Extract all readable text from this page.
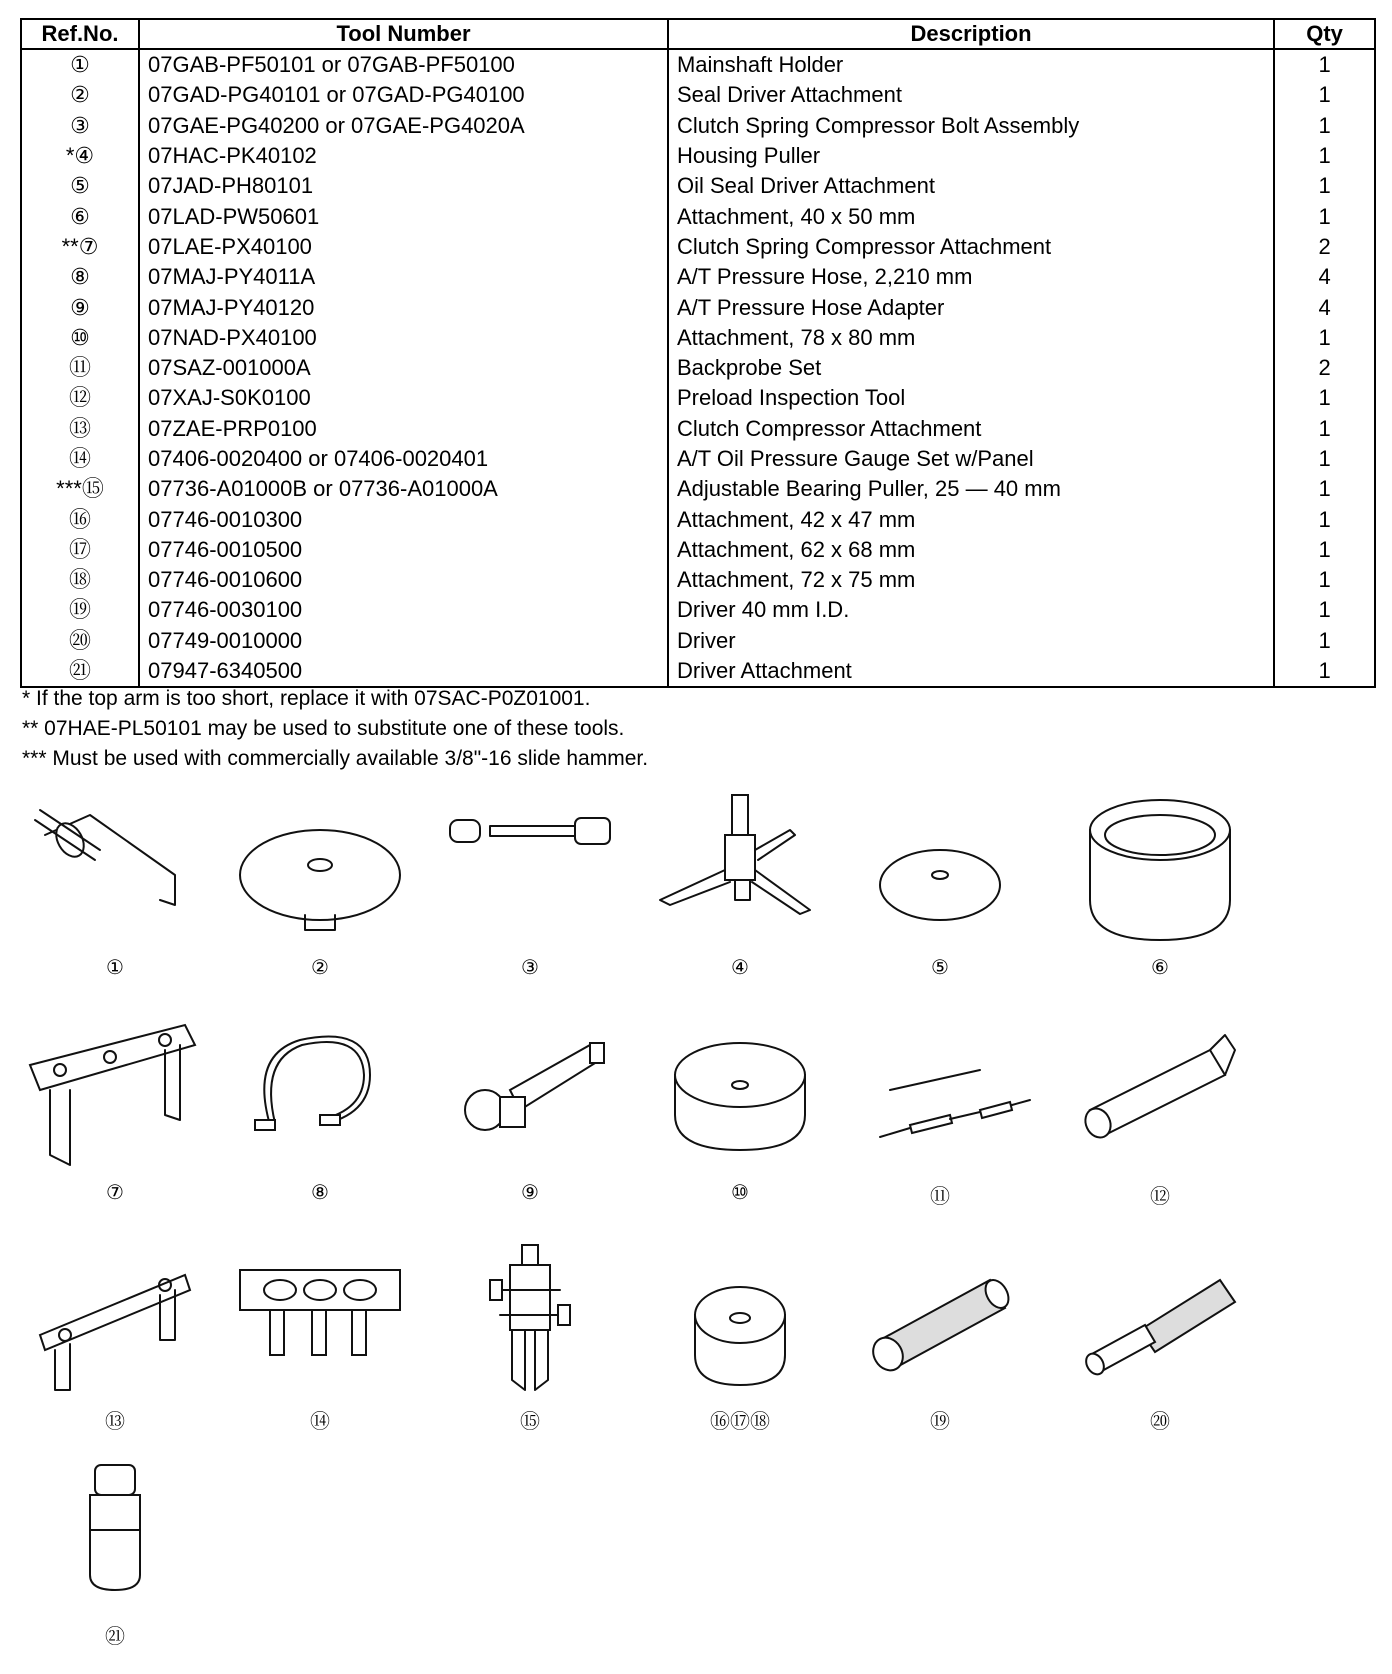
Ref.No.	Tool Number	Description	Qty
①	07GAB-PF50101 or 07GAB-PF50100	Mainshaft Holder	1
②	07GAD-PG40101 or 07GAD-PG40100	Seal Driver Attachment	1
③	07GAE-PG40200 or 07GAE-PG4020A	Clutch Spring Compressor Bolt Assembly	1
*④	07HAC-PK40102	Housing Puller	1
⑤	07JAD-PH80101	Oil Seal Driver Attachment	1
⑥	07LAD-PW50601	Attachment, 40 x 50 mm	1
**⑦	07LAE-PX40100	Clutch Spring Compressor Attachment	2
⑧	07MAJ-PY4011A	A/T Pressure Hose, 2,210 mm	4
⑨	07MAJ-PY40120	A/T Pressure Hose Adapter	4
⑩	07NAD-PX40100	Attachment, 78 x 80 mm	1
⑪	07SAZ-001000A	Backprobe Set	2
⑫	07XAJ-S0K0100	Preload Inspection Tool	1
⑬	07ZAE-PRP0100	Clutch Compressor Attachment	1
⑭	07406-0020400 or 07406-0020401	A/T Oil Pressure Gauge Set w/Panel	1
***⑮	07736-A01000B or 07736-A01000A	Adjustable Bearing Puller, 25 — 40 mm	1
⑯	07746-0010300	Attachment, 42 x 47 mm	1
⑰	07746-0010500	Attachment, 62 x 68 mm	1
⑱	07746-0010600	Attachment, 72 x 75 mm	1
⑲	07746-0030100	Driver 40 mm I.D.	1
⑳	07749-0010000	Driver	1
㉑	07947-6340500	Driver Attachment	1
* If the top arm is too short, replace it with 07SAC-P0Z01001.
** 07HAE-PL50101 may be used to substitute one of these tools.
*** Must be used with commercially available 3/8"-16 slide hammer.
①	②	③	④	⑤	⑥
⑦	⑧	⑨	⑩	⑪	⑫
⑬	⑭	⑮	⑯⑰⑱	⑲	⑳
㉑
